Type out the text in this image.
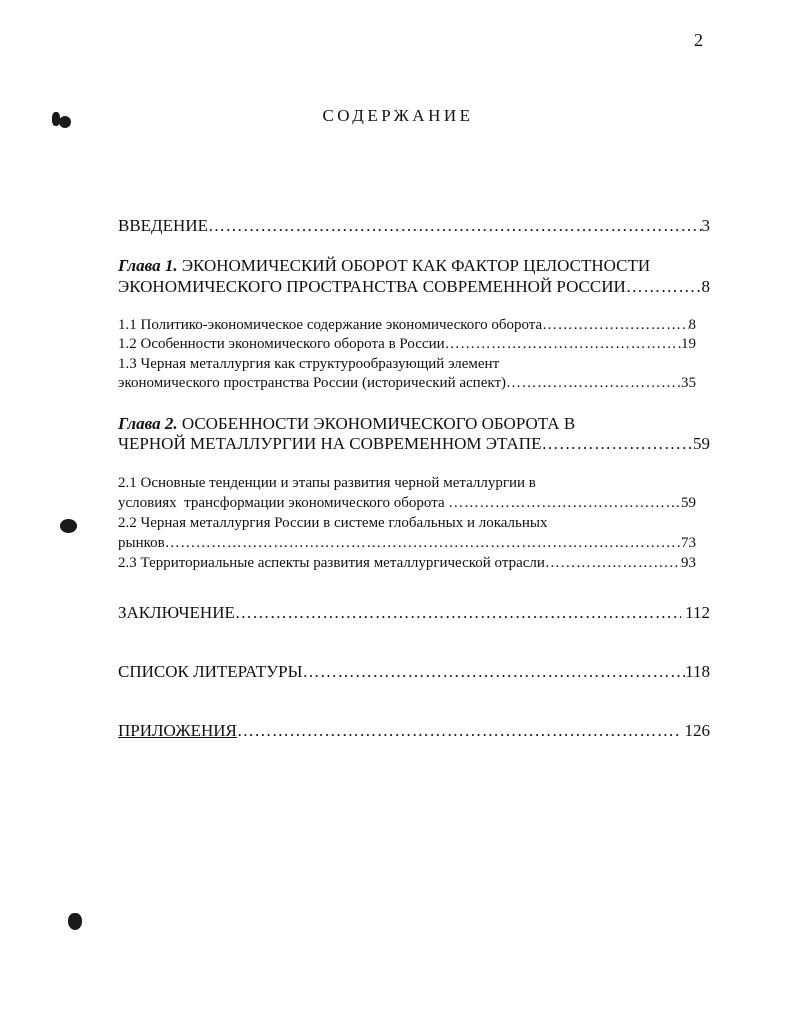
2
СОДЕРЖАНИЕ
ВВЕДЕНИЕ ……………………………………………………………………………………………………………………………………………………………………	3
Глава 1. ЭКОНОМИЧЕСКИЙ ОБОРОТ КАК ФАКТОР ЦЕЛОСТНОСТИ
ЭКОНОМИЧЕСКОГО ПРОСТРАНСТВА СОВРЕМЕННОЙ РОССИИ ……………………………………………………………………………………………………………………………………………………………………	8
1.1 Политико-экономическое содержание экономического оборота ……………………………………………………………………………………………………………………………………………………………………	8
1.2 Особенности экономического оборота в России ……………………………………………………………………………………………………………………………………………………………………	19
1.3 Черная металлургия как структурообразующий элемент
экономического пространства России (исторический аспект) ……………………………………………………………………………………………………………………………………………………………………	35
Глава 2. ОСОБЕННОСТИ ЭКОНОМИЧЕСКОГО ОБОРОТА В
ЧЕРНОЙ МЕТАЛЛУРГИИ НА СОВРЕМЕННОМ ЭТАПЕ ……………………………………………………………………………………………………………………………………………………………………	59
2.1 Основные тенденции и этапы развития черной металлургии в
условиях  трансформации экономического оборота ……………………………………………………………………………………………………………………………………………………………………	59
2.2 Черная металлургия России в системе глобальных и локальных
рынков ……………………………………………………………………………………………………………………………………………………………………	73
2.3 Территориальные аспекты развития металлургической отрасли ……………………………………………………………………………………………………………………………………………………………………	93
ЗАКЛЮЧЕНИЕ ……………………………………………………………………………………………………………………………………………………………………	112
СПИСОК ЛИТЕРАТУРЫ ……………………………………………………………………………………………………………………………………………………………………	118
ПРИЛОЖЕНИЯ ……………………………………………………………………………………………………………………………………………………………………	126
